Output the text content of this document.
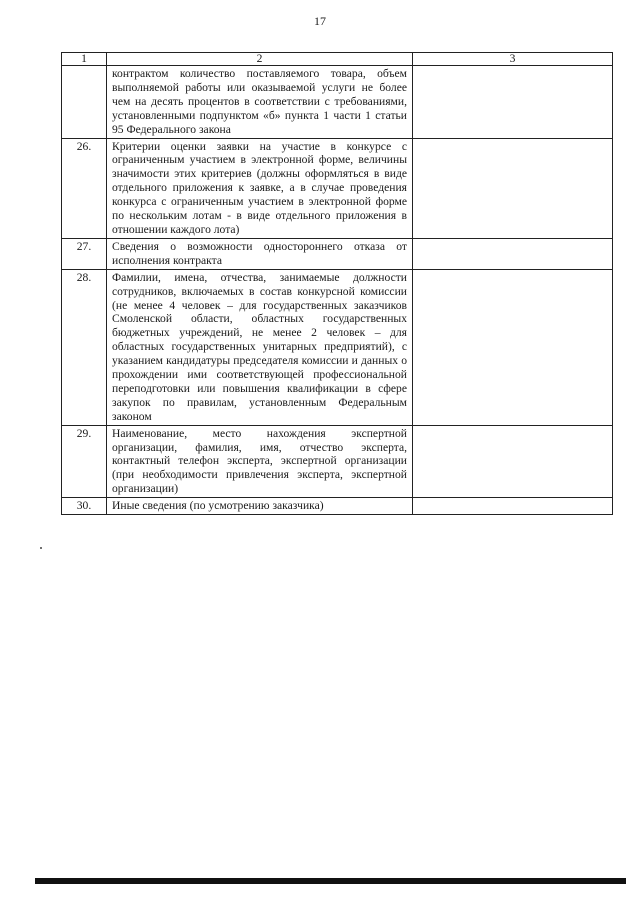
17
1	2	3
	контрактом количество поставляемого товара, объем выполняемой работы или оказываемой услуги не более чем на десять процентов в соответствии с требованиями, установленными подпунктом «б» пункта 1 части 1 статьи 95 Федерального закона	
26.	Критерии оценки заявки на участие в конкурсе с ограниченным участием в электронной форме, величины значимости этих критериев (должны оформляться в виде отдельного приложения к заявке, а в случае проведения конкурса с ограниченным участием в электронной форме по нескольким лотам - в виде отдельного приложения в отношении каждого лота)	
27.	Сведения о возможности одностороннего отказа от исполнения контракта	
28.	Фамилии, имена, отчества, занимаемые должности сотрудников, включаемых в состав конкурсной комиссии (не менее 4 человек – для государственных заказчиков Смоленской области, областных государственных бюджетных учреждений, не менее 2 человек – для областных государственных унитарных предприятий), с указанием кандидатуры председателя комиссии и данных о прохождении ими соответствующей профессиональной переподготовки или повышения квалификации в сфере закупок по правилам, установленным Федеральным законом	
29.	Наименование, место нахождения экспертной организации, фамилия, имя, отчество эксперта, контактный телефон эксперта, экспертной организации (при необходимости привлечения эксперта, экспертной организации)	
30.	Иные сведения (по усмотрению заказчика)	
